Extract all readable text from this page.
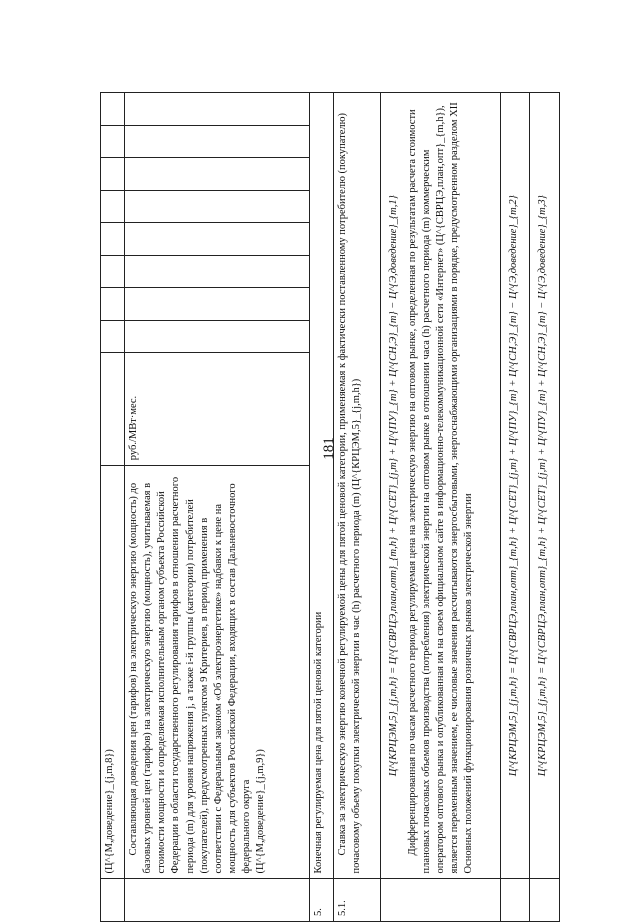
181
	(Ц^{М,доведение}_{j,m,8})									

	Составляющая доведения цен (тарифов) на электрическую энергию (мощность) до базовых уровней цен (тарифов) на электрическую энергию (мощность), учитываемая в стоимости мощности и определяемая исполнительным органом субъекта Российской Федерации в области государственного регулирования тарифов в отношении расчетного периода (m) для уровня напряжения j, а также i-й группы (категории) потребителей (покупателей), предусмотренных пунктом 9 Критериев, в период применения в соответствии с Федеральным законом «Об электроэнергетике» надбавки к цене на мощность для субъектов Российской Федерации, входящих в состав Дальневосточного федерального округа (Ц^{М,доведение}_{j,m,9})	руб./МВт·мес.								
5.	Конечная регулируемая цена для пятой ценовой категории									
5.1.	Ставка за электрическую энергию конечной регулируемой цены для пятой ценовой категории, применяемая к фактически поставленному потребителю (покупателю) почасовому объему покупки электрической энергии в час (h) расчетного периода (m) (Ц^{КРЦЭМ,5}_{j,m,h})									

	Ц^{КРЦЭМ,5}_{j,m,h} = Ц^{СВРЦЭ,план,опт}_{m,h} + Ц^{СЕТ}_{j,m} + Ц^{ПУ}_{m} + Ц^{СН,Э}_{m} − Ц^{Э,доведение}_{m,1} Дифференцированная по часам расчетного периода регулируемая цена на электрическую энергию на оптовом рынке, определенная по результатам расчета стоимости плановых почасовых объемов производства (потребления) электрической энергии на оптовом рынке в отношении часа (h) расчетного периода (m) коммерческим оператором оптового рынка и опубликованная им на своем официальном сайте в информационно-телекоммуникационной сети «Интернет» (Ц^{СВРЦЭ,план,опт}_{m,h}), является переменным значением, ее числовые значения рассчитываются энергосбытовыми, энергоснабжающими организациями в порядке, предусмотренном разделом XII Основных положений функционирования розничных рынков электрической энергии									

	Ц^{КРЦЭМ,5}_{j,m,h} = Ц^{СВРЦЭ,план,опт}_{m,h} + Ц^{СЕТ}_{j,m} + Ц^{ПУ}_{m} + Ц^{СН,Э}_{m} − Ц^{Э,доведение}_{m,2}									

	Ц^{КРЦЭМ,5}_{j,m,h} = Ц^{СВРЦЭ,план,опт}_{m,h} + Ц^{СЕТ}_{j,m} + Ц^{ПУ}_{m} + Ц^{СН,Э}_{m} − Ц^{Э,доведение}_{m,3}									
